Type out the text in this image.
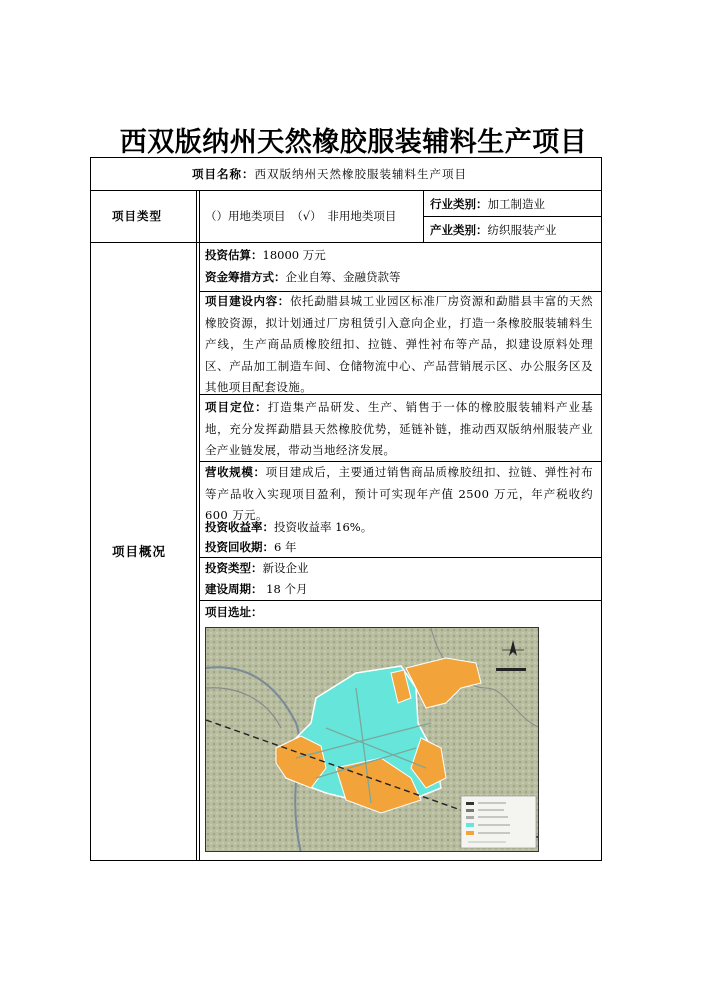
西双版纳州天然橡胶服装辅料生产项目
项目名称：西双版纳州天然橡胶服装辅料生产项目
项目类型	（）用地类项目　（√）　非用地类项目
行业类别：加工制造业
产业类别：纺织服装产业
项目概况
投资估算：18000 万元
资金筹措方式：企业自筹、金融贷款等
项目建设内容：依托勐腊县城工业园区标准厂房资源和勐腊县丰富的天然橡胶资源，拟计划通过厂房租赁引入意向企业，打造一条橡胶服装辅料生产线，生产商品质橡胶纽扣、拉链、弹性衬布等产品，拟建设原料处理区、产品加工制造车间、仓储物流中心、产品营销展示区、办公服务区及其他项目配套设施。
项目定位：打造集产品研发、生产、销售于一体的橡胶服装辅料产业基地，充分发挥勐腊县天然橡胶优势，延链补链，推动西双版纳州服装产业全产业链发展，带动当地经济发展。
营收规模：项目建成后，主要通过销售商品质橡胶纽扣、拉链、弹性衬布等产品收入实现项目盈利，预计可实现年产值 2500 万元，年产税收约 600 万元。
投资收益率：投资收益率 16%。
投资回收期：6 年
投资类型：新设企业
建设周期： 18 个月
项目选址：
